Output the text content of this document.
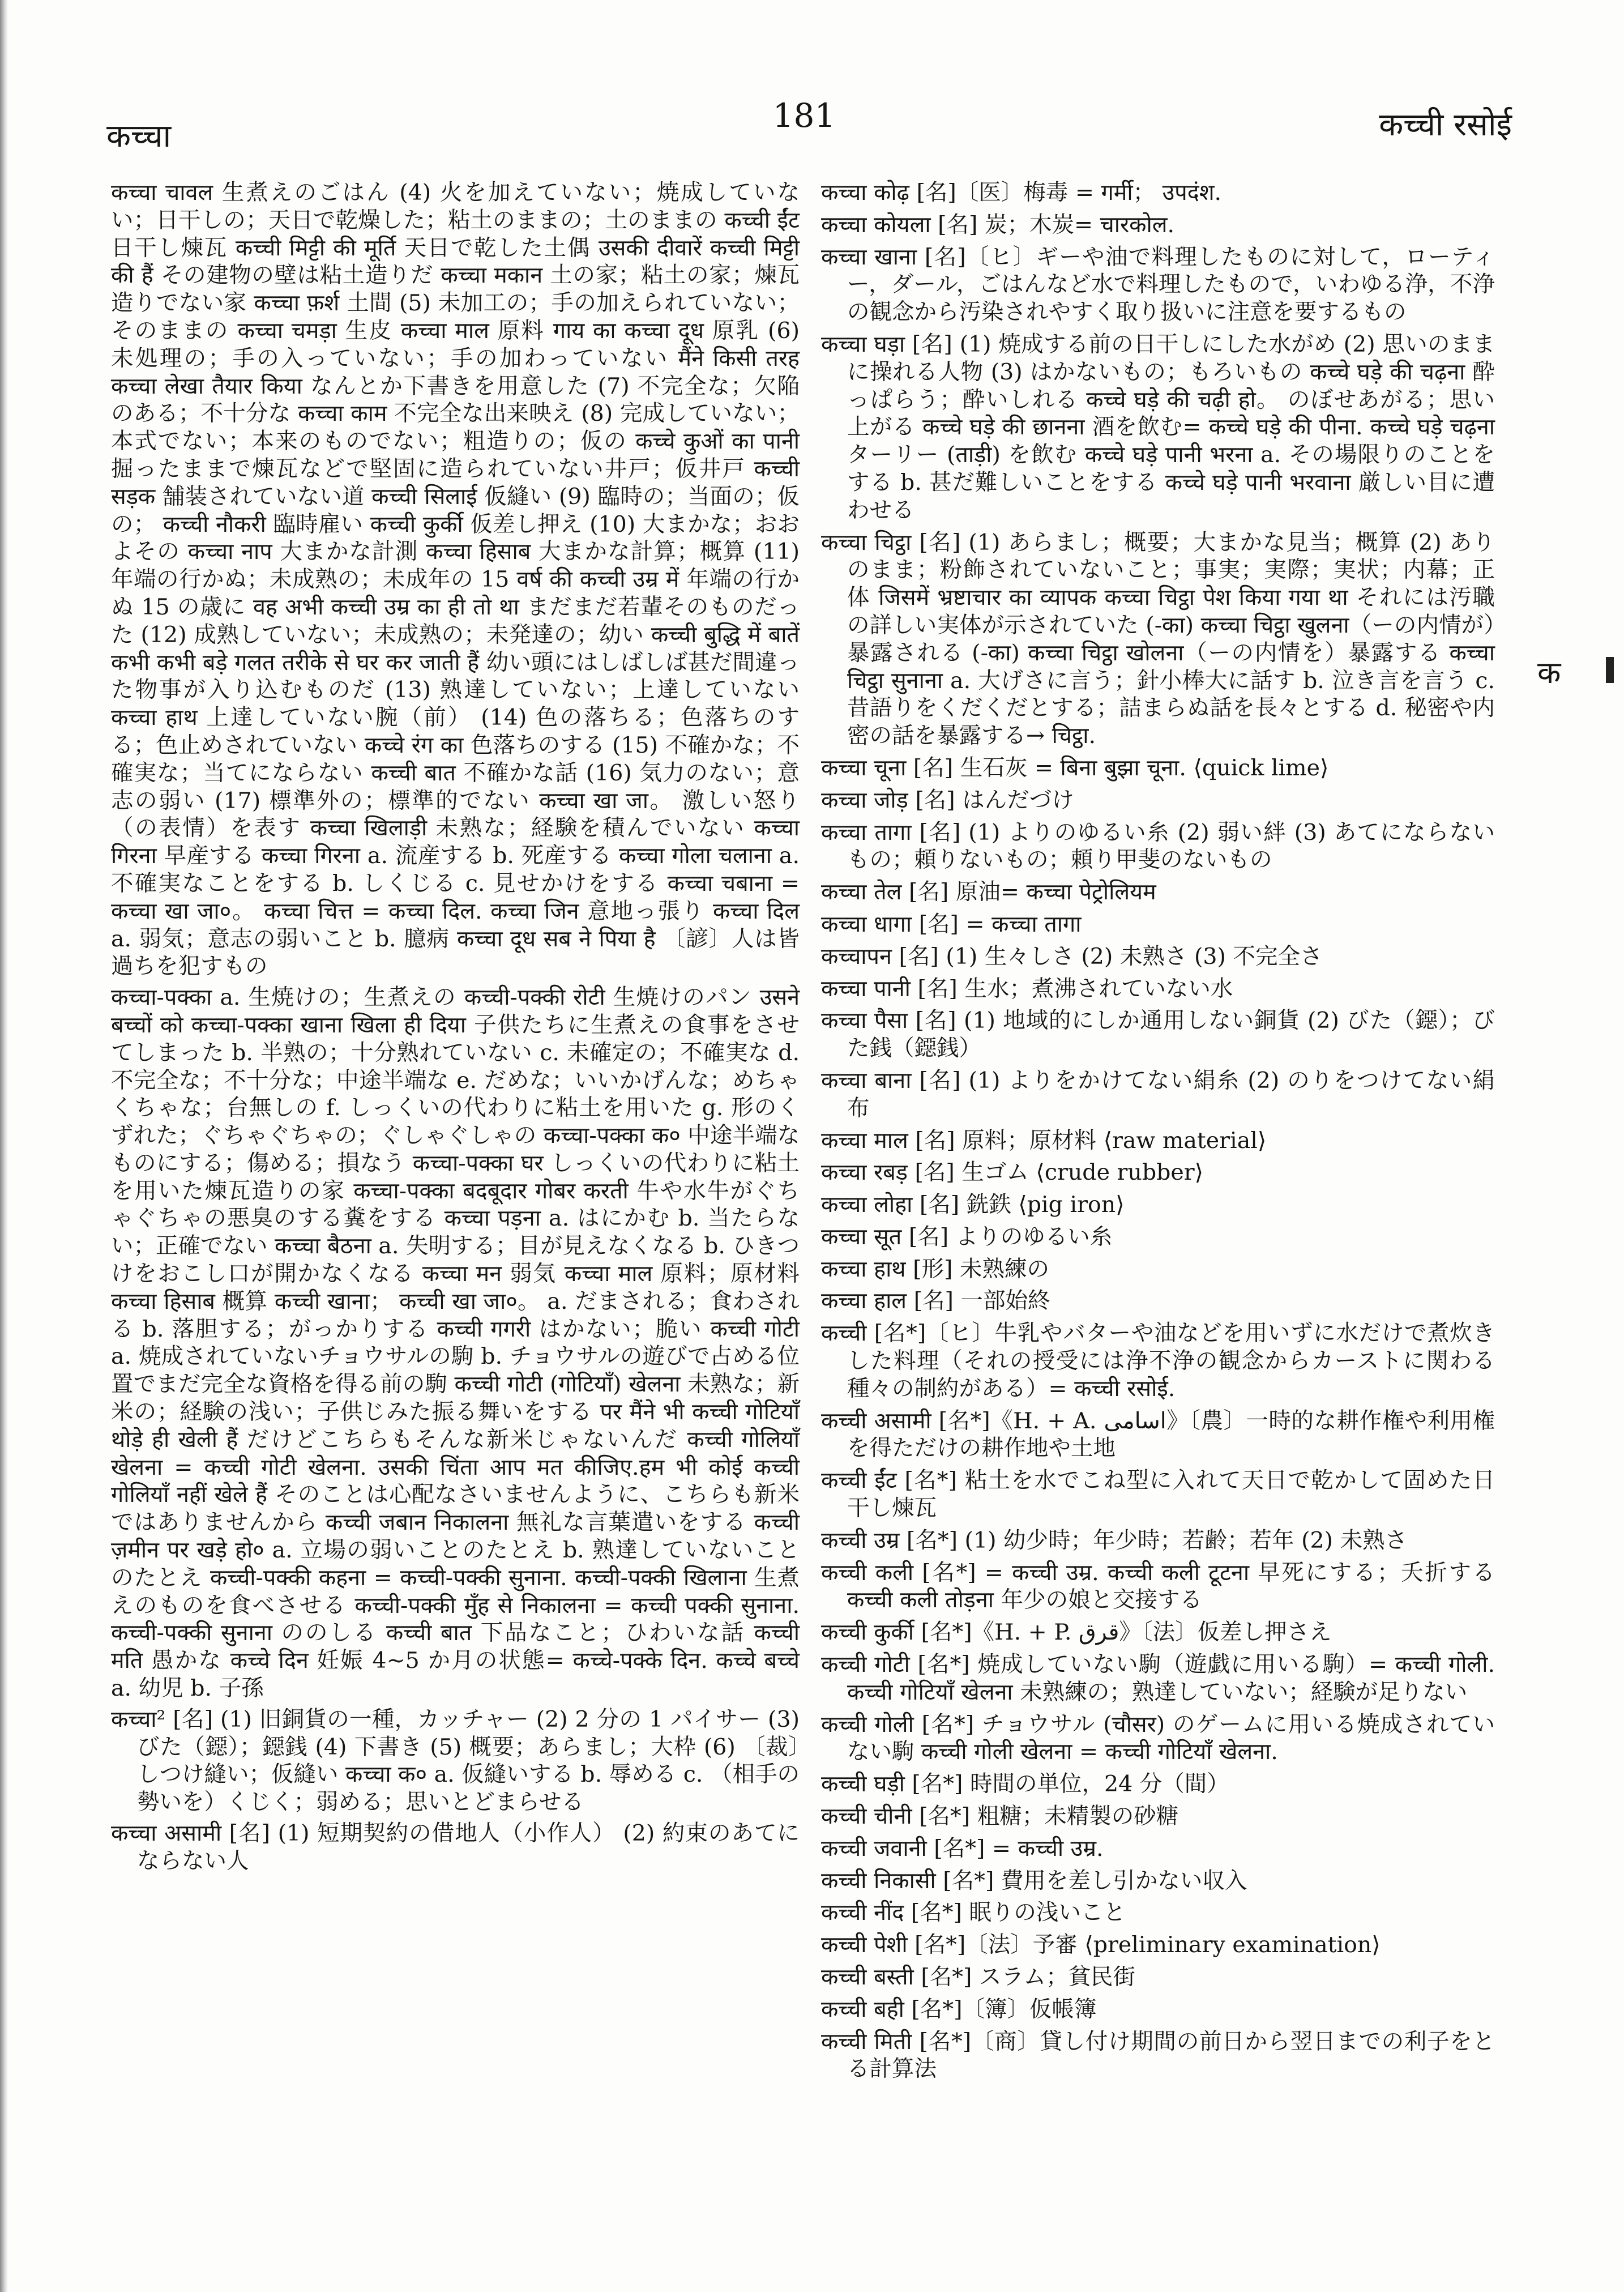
कच्चा
181	कच्ची रसोई

कच्चा चावल 生煮えのごはん (4) 火を加えていない；焼成していない；日干しの；天日で乾燥した；粘土のままの；土のままの कच्ची ईंट 日干し煉瓦 कच्ची मिट्टी की मूर्ति 天日で乾した土偶 उसकी दीवारें कच्ची मिट्टी की हैं その建物の壁は粘土造りだ कच्चा मकान 土の家；粘土の家；煉瓦造りでない家 कच्चा फ़र्श 土間 (5) 未加工の；手の加えられていない；そのままの कच्चा चमड़ा 生皮 कच्चा माल 原料 गाय का कच्चा दूध 原乳 (6) 未処理の；手の入っていない；手の加わっていない मैंने किसी तरह कच्चा लेखा तैयार किया なんとか下書きを用意した (7) 不完全な；欠陥のある；不十分な कच्चा काम 不完全な出来映え (8) 完成していない；本式でない；本来のものでない；粗造りの；仮の कच्चे कुओं का पानी 掘ったままで煉瓦などで堅固に造られていない井戸；仮井戸 कच्ची सड़क 舗装されていない道 कच्ची सिलाई 仮縫い (9) 臨時の；当面の；仮の； कच्ची नौकरी 臨時雇い कच्ची कुर्की 仮差し押え (10) 大まかな；おおよその कच्चा नाप 大まかな計測 कच्चा हिसाब 大まかな計算；概算 (11) 年端の行かぬ；未成熟の；未成年の 15 वर्ष की कच्ची उम्र में 年端の行かぬ 15 の歳に वह अभी कच्ची उम्र का ही तो था まだまだ若輩そのものだった (12) 成熟していない；未成熟の；未発達の；幼い कच्ची बुद्धि में बातें कभी कभी बड़े गलत तरीके से घर कर जाती हैं 幼い頭にはしばしば甚だ間違った物事が入り込むものだ (13) 熟達していない；上達していない कच्चा हाथ 上達していない腕（前） (14) 色の落ちる；色落ちのする；色止めされていない कच्चे रंग का 色落ちのする (15) 不確かな；不確実な；当てにならない कच्ची बात 不確かな話 (16) 気力のない；意志の弱い (17) 標準外の；標準的でない कच्चा खा जा。 激しい怒り（の表情）を表す कच्चा खिलाड़ी 未熟な；経験を積んでいない कच्चा गिरना 早産する कच्चा गिरना a. 流産する b. 死産する कच्चा गोला चलाना a. 不確実なことをする b. しくじる c. 見せかけをする कच्चा चबाना = कच्चा खा जा०。 कच्चा चित्त = कच्चा दिल. कच्चा जिन 意地っ張り कच्चा दिल a. 弱気；意志の弱いこと b. 臆病 कच्चा दूध सब ने पिया है 〔諺〕人は皆過ちを犯すもの

कच्चा-पक्का a. 生焼けの；生煮えの कच्ची-पक्की रोटी 生焼けのパン उसने बच्चों को कच्चा-पक्का खाना खिला ही दिया 子供たちに生煮えの食事をさせてしまった b. 半熟の；十分熟れていない c. 未確定の；不確実な d. 不完全な；不十分な；中途半端な e. だめな；いいかげんな；めちゃくちゃな；台無しの f. しっくいの代わりに粘土を用いた g. 形のくずれた；ぐちゃぐちゃの；ぐしゃぐしゃの कच्चा-पक्का क० 中途半端なものにする；傷める；損なう कच्चा-पक्का घर しっくいの代わりに粘土を用いた煉瓦造りの家 कच्चा-पक्का बदबूदार गोबर करती 牛や水牛がぐちゃぐちゃの悪臭のする糞をする कच्चा पड़ना a. はにかむ b. 当たらない；正確でない कच्चा बैठना a. 失明する；目が見えなくなる b. ひきつけをおこし口が開かなくなる कच्चा मन 弱気 कच्चा माल 原料；原材料 कच्चा हिसाब 概算 कच्ची खाना； कच्ची खा जा०。 a. だまされる；食わされる b. 落胆する；がっかりする कच्ची गगरी はかない；脆い कच्ची गोटी a. 焼成されていないチョウサルの駒 b. チョウサルの遊びで占める位置でまだ完全な資格を得る前の駒 कच्ची गोटी (गोटियाँ) खेलना 未熟な；新米の；経験の浅い；子供じみた振る舞いをする पर मैंने भी कच्ची गोटियाँ थोड़े ही खेली हैं だけどこちらもそんな新米じゃないんだ कच्ची गोलियाँ खेलना = कच्ची गोटी खेलना. उसकी चिंता आप मत कीजिए.हम भी कोई कच्ची गोलियाँ नहीं खेले हैं そのことは心配なさいませんように、こちらも新米ではありませんから कच्ची जबान निकालना 無礼な言葉遣いをする कच्ची ज़मीन पर खड़े हो० a. 立場の弱いことのたとえ b. 熟達していないことのたとえ कच्ची-पक्की कहना = कच्ची-पक्की सुनाना. कच्ची-पक्की खिलाना 生煮えのものを食べさせる कच्ची-पक्की मुँह से निकालना = कच्ची पक्की सुनाना. कच्ची-पक्की सुनाना ののしる कच्ची बात 下品なこと；ひわいな話 कच्ची मति 愚かな कच्चे दिन 妊娠 4~5 か月の状態= कच्चे-पक्के दिन. कच्चे बच्चे a. 幼児 b. 子孫

कच्चा² [名] (1) 旧銅貨の一種，カッチャー (2) 2 分の 1 パイサー (3) びた（鐚）；鐚銭 (4) 下書き (5) 概要；あらまし；大枠 (6) 〔裁〕しつけ縫い；仮縫い कच्चा क० a. 仮縫いする b. 辱める c. （相手の勢いを）くじく；弱める；思いとどまらせる

कच्चा असामी [名] (1) 短期契約の借地人（小作人） (2) 約束のあてにならない人

कच्चा कोढ़ [名]〔医〕梅毒 = गर्मी； उपदंश.

कच्चा कोयला [名] 炭；木炭= चारकोल.

कच्चा खाना [名]〔ヒ〕ギーや油で料理したものに対して，ローティー，ダール，ごはんなど水で料理したもので，いわゆる浄，不浄の観念から汚染されやすく取り扱いに注意を要するもの

कच्चा घड़ा [名] (1) 焼成する前の日干しにした水がめ (2) 思いのままに操れる人物 (3) はかないもの；もろいもの कच्चे घड़े की चढ़ना 酔っぱらう；酔いしれる कच्चे घड़े की चढ़ी हो。 のぼせあがる；思い上がる कच्चे घड़े की छानना 酒を飲む= कच्चे घड़े की पीना. कच्चे घड़े चढ़ना ターリー (ताड़ी) を飲む कच्चे घड़े पानी भरना a. その場限りのことをする b. 甚だ難しいことをする कच्चे घड़े पानी भरवाना 厳しい目に遭わせる

कच्चा चिट्ठा [名] (1) あらまし；概要；大まかな見当；概算 (2) ありのまま；粉飾されていないこと；事実；実際；実状；内幕；正体 जिसमें भ्रष्टाचार का व्यापक कच्चा चिट्ठा पेश किया गया था それには汚職の詳しい実体が示されていた (-का) कच्चा चिट्ठा खुलना（ーの内情が）暴露される (-का) कच्चा चिट्ठा खोलना（ーの内情を）暴露する कच्चा चिट्ठा सुनाना a. 大げさに言う；針小棒大に話す b. 泣き言を言う c. 昔語りをくだくだとする；詰まらぬ話を長々とする d. 秘密や内密の話を暴露する→ चिट्ठा.

कच्चा चूना [名] 生石灰 = बिना बुझा चूना. ⟨quick lime⟩

कच्चा जोड़ [名] はんだづけ

कच्चा तागा [名] (1) よりのゆるい糸 (2) 弱い絆 (3) あてにならないもの；頼りないもの；頼り甲斐のないもの

कच्चा तेल [名] 原油= कच्चा पेट्रोलियम

कच्चा धागा [名] = कच्चा तागा

कच्चापन [名] (1) 生々しさ (2) 未熟さ (3) 不完全さ

कच्चा पानी [名] 生水；煮沸されていない水

कच्चा पैसा [名] (1) 地域的にしか通用しない銅貨 (2) びた（鐚）；びた銭（鐚銭）

कच्चा बाना [名] (1) よりをかけてない絹糸 (2) のりをつけてない絹布

कच्चा माल [名] 原料；原材料 ⟨raw material⟩

कच्चा रबड़ [名] 生ゴム ⟨crude rubber⟩

कच्चा लोहा [名] 銑鉄 ⟨pig iron⟩

कच्चा सूत [名] よりのゆるい糸

कच्चा हाथ [形] 未熟練の

कच्चा हाल [名] 一部始終

कच्ची [名*]〔ヒ〕牛乳やバターや油などを用いずに水だけで煮炊きした料理（それの授受には浄不浄の観念からカーストに関わる種々の制約がある）= कच्ची रसोई.

कच्ची असामी [名*]《H. + A. اسامی》〔農〕一時的な耕作権や利用権を得ただけの耕作地や土地

कच्ची ईंट [名*] 粘土を水でこね型に入れて天日で乾かして固めた日干し煉瓦

कच्ची उम्र [名*] (1) 幼少時；年少時；若齢；若年 (2) 未熟さ

कच्ची कली [名*] = कच्ची उम्र. कच्ची कली टूटना 早死にする；夭折する कच्ची कली तोड़ना 年少の娘と交接する

कच्ची कुर्की [名*]《H. + P. قرق》〔法〕仮差し押さえ

कच्ची गोटी [名*] 焼成していない駒（遊戯に用いる駒）= कच्ची गोली. कच्ची गोटियाँ खेलना 未熟練の；熟達していない；経験が足りない

कच्ची गोली [名*] チョウサル (चौसर) のゲームに用いる焼成されていない駒 कच्ची गोली खेलना = कच्ची गोटियाँ खेलना.

कच्ची घड़ी [名*] 時間の単位，24 分（間）

कच्ची चीनी [名*] 粗糖；未精製の砂糖

कच्ची जवानी [名*] = कच्ची उम्र.

कच्ची निकासी [名*] 費用を差し引かない収入

कच्ची नींद [名*] 眠りの浅いこと

कच्ची पेशी [名*]〔法〕予審 ⟨preliminary examination⟩

कच्ची बस्ती [名*] スラム；貧民街

कच्ची बही [名*]〔簿〕仮帳簿

कच्ची मिती [名*]〔商〕貸し付け期間の前日から翌日までの利子をとる計算法

क
